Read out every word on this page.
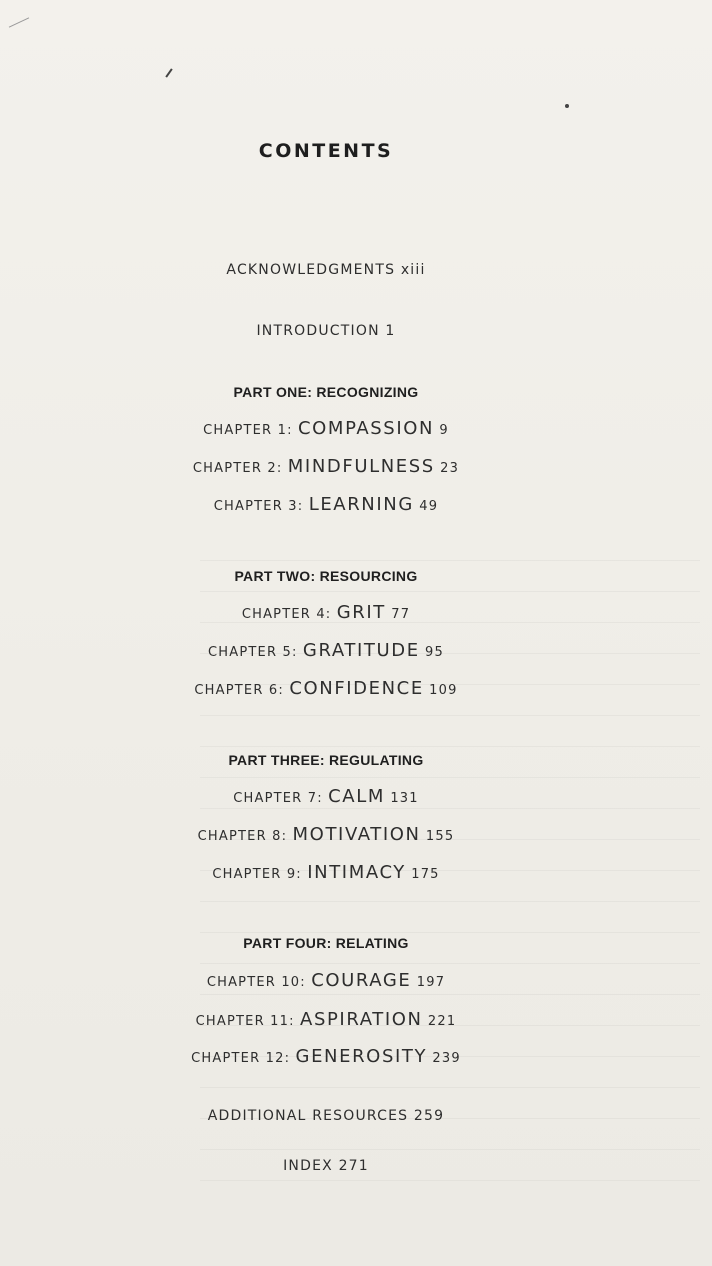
CONTENTS
ACKNOWLEDGMENTS xiii
INTRODUCTION 1
PART ONE: RECOGNIZING
CHAPTER 1: COMPASSION 9
CHAPTER 2: MINDFULNESS 23
CHAPTER 3: LEARNING 49
PART TWO: RESOURCING
CHAPTER 4: GRIT 77
CHAPTER 5: GRATITUDE 95
CHAPTER 6: CONFIDENCE 109
PART THREE: REGULATING
CHAPTER 7: CALM 131
CHAPTER 8: MOTIVATION 155
CHAPTER 9: INTIMACY 175
PART FOUR: RELATING
CHAPTER 10: COURAGE 197
CHAPTER 11: ASPIRATION 221
CHAPTER 12: GENEROSITY 239
ADDITIONAL RESOURCES 259
INDEX 271
